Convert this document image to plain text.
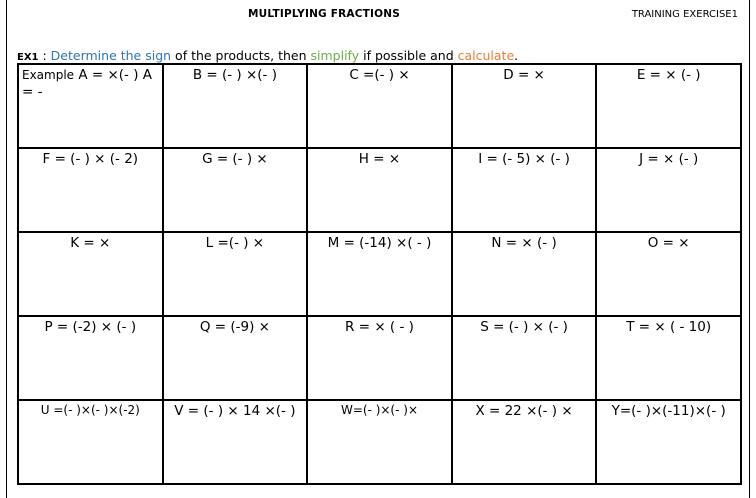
MULTIPLYING FRACTIONS	TRAINING EXERCISE1
EX1 : Determine the sign of the products, then simplify if possible and calculate.
Example A = ×(- ) A
= -	B = (- ) ×(- )	C =(- ) ×	D = ×	E = × (- )
F = (- ) × (- 2)	G = (- ) ×	H = ×	I = (- 5) × (- )	J = × (- )
K = ×	L =(- ) ×	M = (-14) ×( - )	N = × (- )	O = ×
P = (-2) × (- )	Q = (-9) ×	R = × ( - )	S = (- ) × (- )	T = × ( - 10)
U =(- )×(- )×(-2)	V = (- ) × 14 ×(- )	W=(- )×(- )×	X = 22 ×(- ) ×	Y=(- )×(-11)×(- )
